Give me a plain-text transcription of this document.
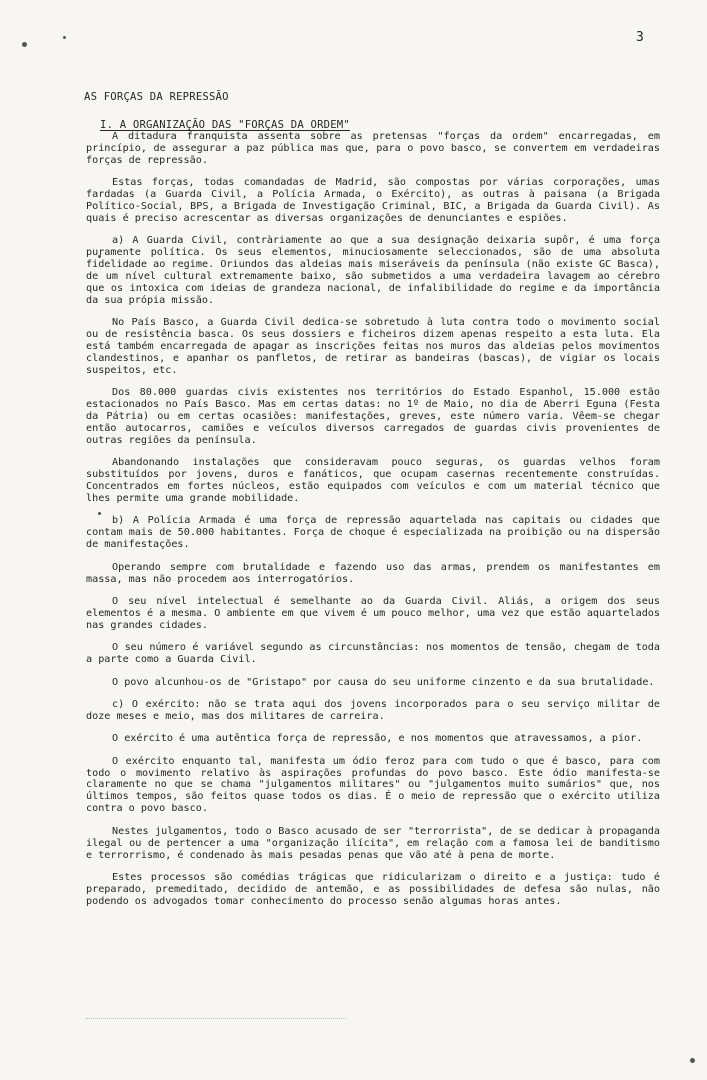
3
AS FORÇAS DA REPRESSÃO
I. A ORGANIZAÇÃO DAS "FORÇAS DA ORDEM"

A ditadura franquista assenta sobre as pretensas "forças da ordem" encarregadas, em princípio, de assegurar a paz pública mas que, para o povo basco, se convertem em verdadeiras forças de repressão.

Estas forças, todas comandadas de Madrid, são compostas por várias corporações, umas fardadas (a Guarda Civil, a Polícia Armada, o Exército), as outras à paisana (a Brigada Político-Social, BPS, a Brigada de Investigação Criminal, BIC, a Brigada da Guarda Civil). As quais é preciso acrescentar as diversas organizações de denunciantes e espiões.

a) A Guarda Civil, contràriamente ao que a sua designação deixaria supôr, é uma força puramente política. Os seus elementos, minuciosamente seleccionados, são de uma absoluta fidelidade ao regime. Oriundos das aldeias mais miseráveis da península (não existe GC Basca), de um nível cultural extremamente baixo, são submetidos a uma verdadeira lavagem ao cérebro que os intoxica com ideias de grandeza nacional, de infalibilidade do regime e da importância da sua própia missão.

No País Basco, a Guarda Civil dedica-se sobretudo à luta contra todo o movimento social ou de resistência basca. Os seus dossiers e ficheiros dizem apenas respeito a esta luta. Ela está também encarregada de apagar as inscrições feitas nos muros das aldeias pelos movimentos clandestinos, e apanhar os panfletos, de retirar as bandeiras (bascas), de vigiar os locais suspeitos, etc.

Dos 80.000 guardas civis existentes nos territórios do Estado Espanhol, 15.000 estão estacionados no País Basco. Mas em certas datas: no 1º de Maio, no dia de Aberri Eguna (Festa da Pátria) ou em certas ocasiões: manifestações, greves, este número varia. Vêem-se chegar então autocarros, camiões e veículos diversos carregados de guardas civis provenientes de outras regiões da península.

Abandonando instalações que consideravam pouco seguras, os guardas velhos foram substituídos por jovens, duros e fanáticos, que ocupam casernas recentemente construídas. Concentrados em fortes núcleos, estão equipados com veículos e com um material técnico que lhes permite uma grande mobilidade.

b) A Polícia Armada é uma força de repressão aquartelada nas capitais ou cidades que contam mais de 50.000 habitantes. Força de choque é especializada na proibição ou na dispersão de manifestações.

Operando sempre com brutalidade e fazendo uso das armas, prendem os manifestantes em massa, mas não procedem aos interrogatórios.

O seu nível intelectual é semelhante ao da Guarda Civil. Aliás, a origem dos seus elementos é a mesma. O ambiente em que vivem é um pouco melhor, uma vez que estão aquartelados nas grandes cidades.

O seu número é variável segundo as circunstâncias: nos momentos de tensão, chegam de toda a parte como a Guarda Civil.

O povo alcunhou-os de "Gristapo" por causa do seu uniforme cinzento e da sua brutalidade.

c) O exército: não se trata aqui dos jovens incorporados para o seu serviço militar de doze meses e meio, mas dos militares de carreira.

O exército é uma autêntica força de repressão, e nos momentos que atravessamos, a pior.

O exército enquanto tal, manifesta um ódio feroz para com tudo o que é basco, para com todo o movimento relativo às aspirações profundas do povo basco. Este ódio manifesta-se claramente no que se chama "julgamentos militares" ou "julgamentos muito sumários" que, nos últimos tempos, são feitos quase todos os dias. É o meio de repressão que o exército utiliza contra o povo basco.

Nestes julgamentos, todo o Basco acusado de ser "terrorrista", de se dedicar à propaganda ilegal ou de pertencer a uma "organização ilícita", em relação com a famosa lei de banditismo e terrorrismo, é condenado às mais pesadas penas que vão até à pena de morte.

Estes processos são comédias trágicas que ridicularizam o direito e a justiça: tudo é preparado, premeditado, decidido de antemão, e as possibilidades de defesa são nulas, não podendo os advogados tomar conhecimento do processo senão algumas horas antes.
